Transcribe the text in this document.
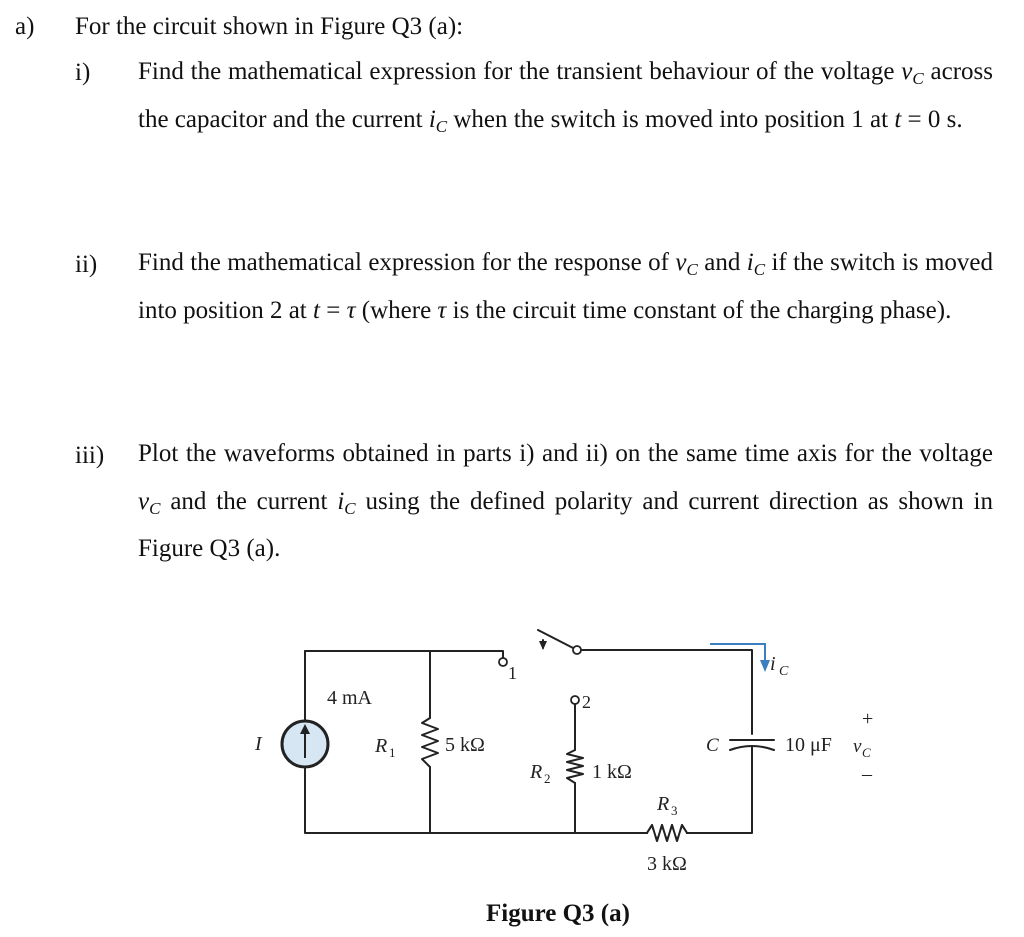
a) For the circuit shown in Figure Q3 (a):
i) Find the mathematical expression for the transient behaviour of the voltage $v_C$ across the capacitor and the current $i_C$ when the switch is moved into position 1 at t = 0 s.
ii) Find the mathematical expression for the response of $v_C$ and $i_C$ if the switch is moved into position 2 at t = τ (where τ is the circuit time constant of the charging phase).
iii) Plot the waveforms obtained in parts i) and ii) on the same time axis for the voltage $v_C$ and the current $i_C$ using the defined polarity and current direction as shown in Figure Q3 (a).
4 mA
I	R 1 5 kΩ
1
2
R 2 1 kΩ
R 3
3 kΩ
C	10 μF
i C
+
v C
–
Figure Q3 (a)
